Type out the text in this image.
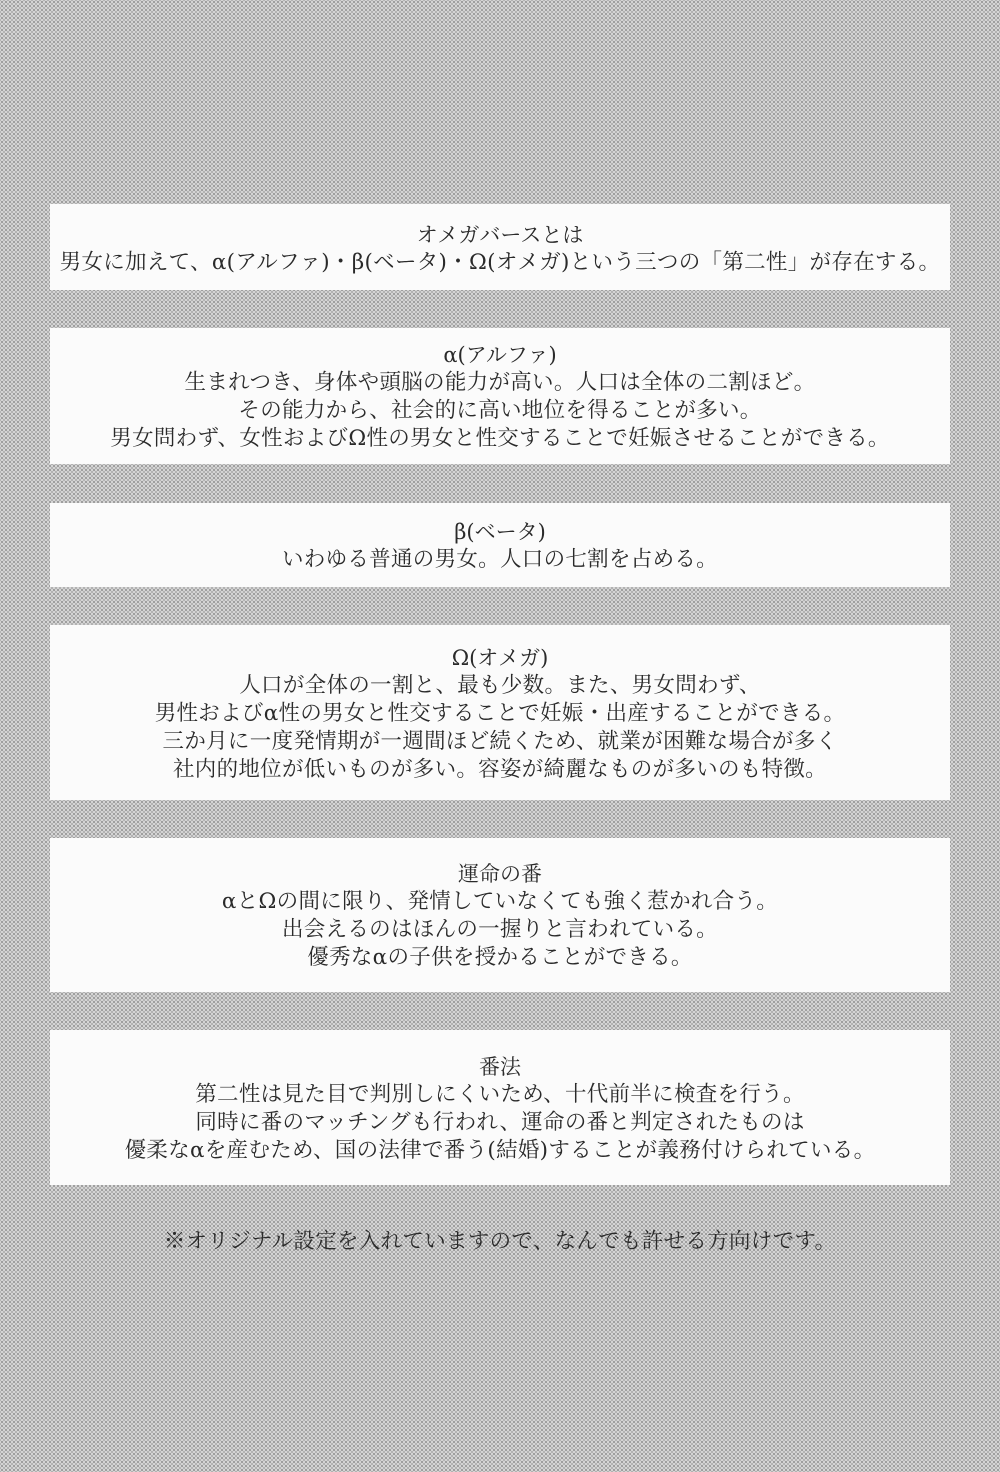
オメガバースとは
男女に加えて、α(アルファ)・β(ベータ)・Ω(オメガ)という三つの「第二性」が存在する。
α(アルファ)
生まれつき、身体や頭脳の能力が高い。人口は全体の二割ほど。
その能力から、社会的に高い地位を得ることが多い。
男女問わず、女性およびΩ性の男女と性交することで妊娠させることができる。
β(ベータ)
いわゆる普通の男女。人口の七割を占める。
Ω(オメガ)
人口が全体の一割と、最も少数。また、男女問わず、
男性およびα性の男女と性交することで妊娠・出産することができる。
三か月に一度発情期が一週間ほど続くため、就業が困難な場合が多く
社内的地位が低いものが多い。容姿が綺麗なものが多いのも特徴。
運命の番
αとΩの間に限り、発情していなくても強く惹かれ合う。
出会えるのはほんの一握りと言われている。
優秀なαの子供を授かることができる。
番法
第二性は見た目で判別しにくいため、十代前半に検査を行う。
同時に番のマッチングも行われ、運命の番と判定されたものは
優柔なαを産むため、国の法律で番う(結婚)することが義務付けられている。
※オリジナル設定を入れていますので、なんでも許せる方向けです。
